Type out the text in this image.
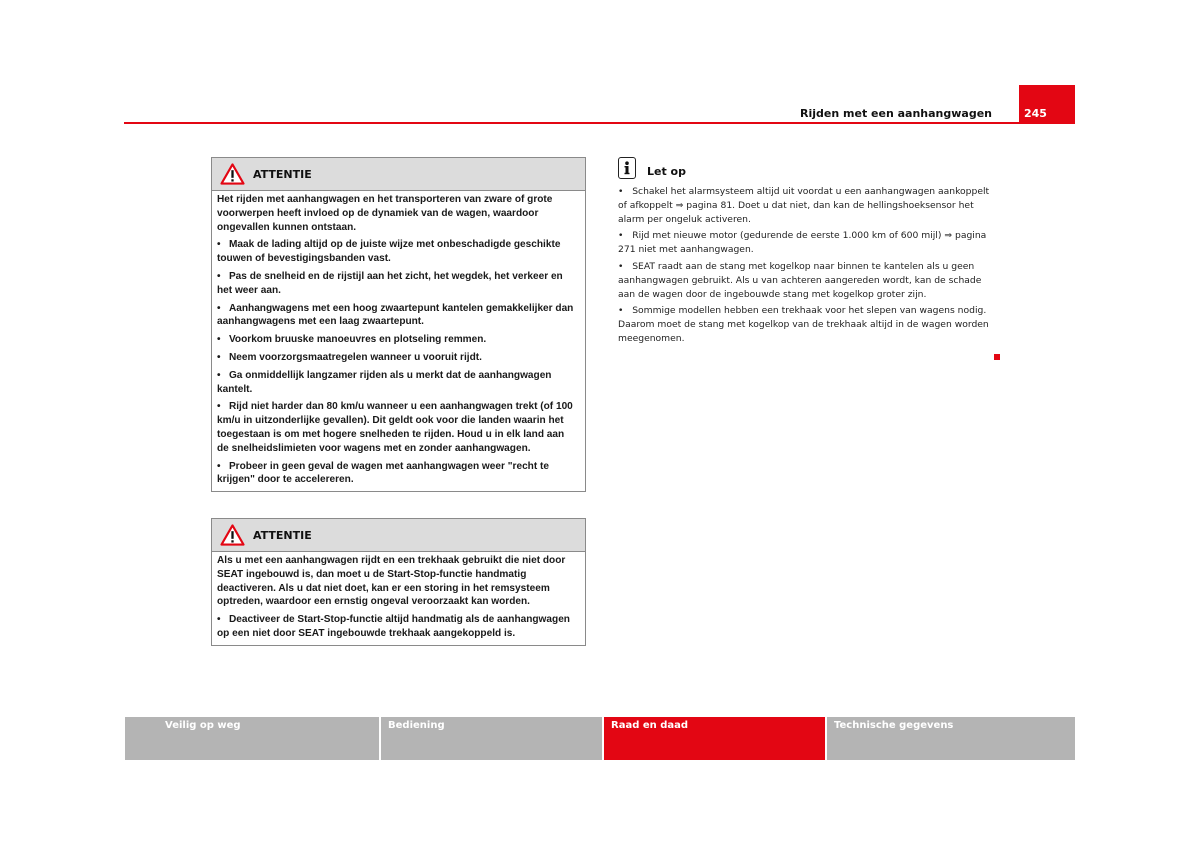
Rijden met een aanhangwagen	245
ATTENTIE

Het rijden met aanhangwagen en het transporteren van zware of grote voorwerpen heeft invloed op de dynamiek van de wagen, waardoor ongevallen kunnen ontstaan.

•   Maak de lading altijd op de juiste wijze met onbeschadigde geschikte touwen of bevestigingsbanden vast.

•   Pas de snelheid en de rijstijl aan het zicht, het wegdek, het verkeer en het weer aan.

•   Aanhangwagens met een hoog zwaartepunt kantelen gemakkelijker dan aanhangwagens met een laag zwaartepunt.

•   Voorkom bruuske manoeuvres en plotseling remmen.

•   Neem voorzorgsmaatregelen wanneer u vooruit rijdt.

•   Ga onmiddellijk langzamer rijden als u merkt dat de aanhangwagen kantelt.

•   Rijd niet harder dan 80 km/u wanneer u een aanhangwagen trekt (of 100 km/u in uitzonderlijke gevallen). Dit geldt ook voor die landen waarin het toegestaan is om met hogere snelheden te rijden. Houd u in elk land aan de snelheidslimieten voor wagens met en zonder aanhangwagen.

•   Probeer in geen geval de wagen met aanhangwagen weer "recht te krijgen" door te accelereren.

ATTENTIE

Als u met een aanhangwagen rijdt en een trekhaak gebruikt die niet door SEAT ingebouwd is, dan moet u de Start-Stop-functie handmatig deactiveren. Als u dat niet doet, kan er een storing in het remsysteem optreden, waardoor een ernstig ongeval veroorzaakt kan worden.

•   Deactiveer de Start-Stop-functie altijd handmatig als de aanhangwagen op een niet door SEAT ingebouwde trekhaak aangekoppeld is.

Let op

•   Schakel het alarmsysteem altijd uit voordat u een aanhangwagen aankoppelt of afkoppelt ⇒ pagina 81. Doet u dat niet, dan kan de hellingshoeksensor het alarm per ongeluk activeren.

•   Rijd met nieuwe motor (gedurende de eerste 1.000 km of 600 mijl) ⇒ pagina 271 niet met aanhangwagen.

•   SEAT raadt aan de stang met kogelkop naar binnen te kantelen als u geen aanhangwagen gebruikt. Als u van achteren aangereden wordt, kan de schade aan de wagen door de ingebouwde stang met kogelkop groter zijn.

•   Sommige modellen hebben een trekhaak voor het slepen van wagens nodig. Daarom moet de stang met kogelkop van de trekhaak altijd in de wagen worden meegenomen.

Veilig op weg	Bediening	Raad en daad	Technische gegevens
